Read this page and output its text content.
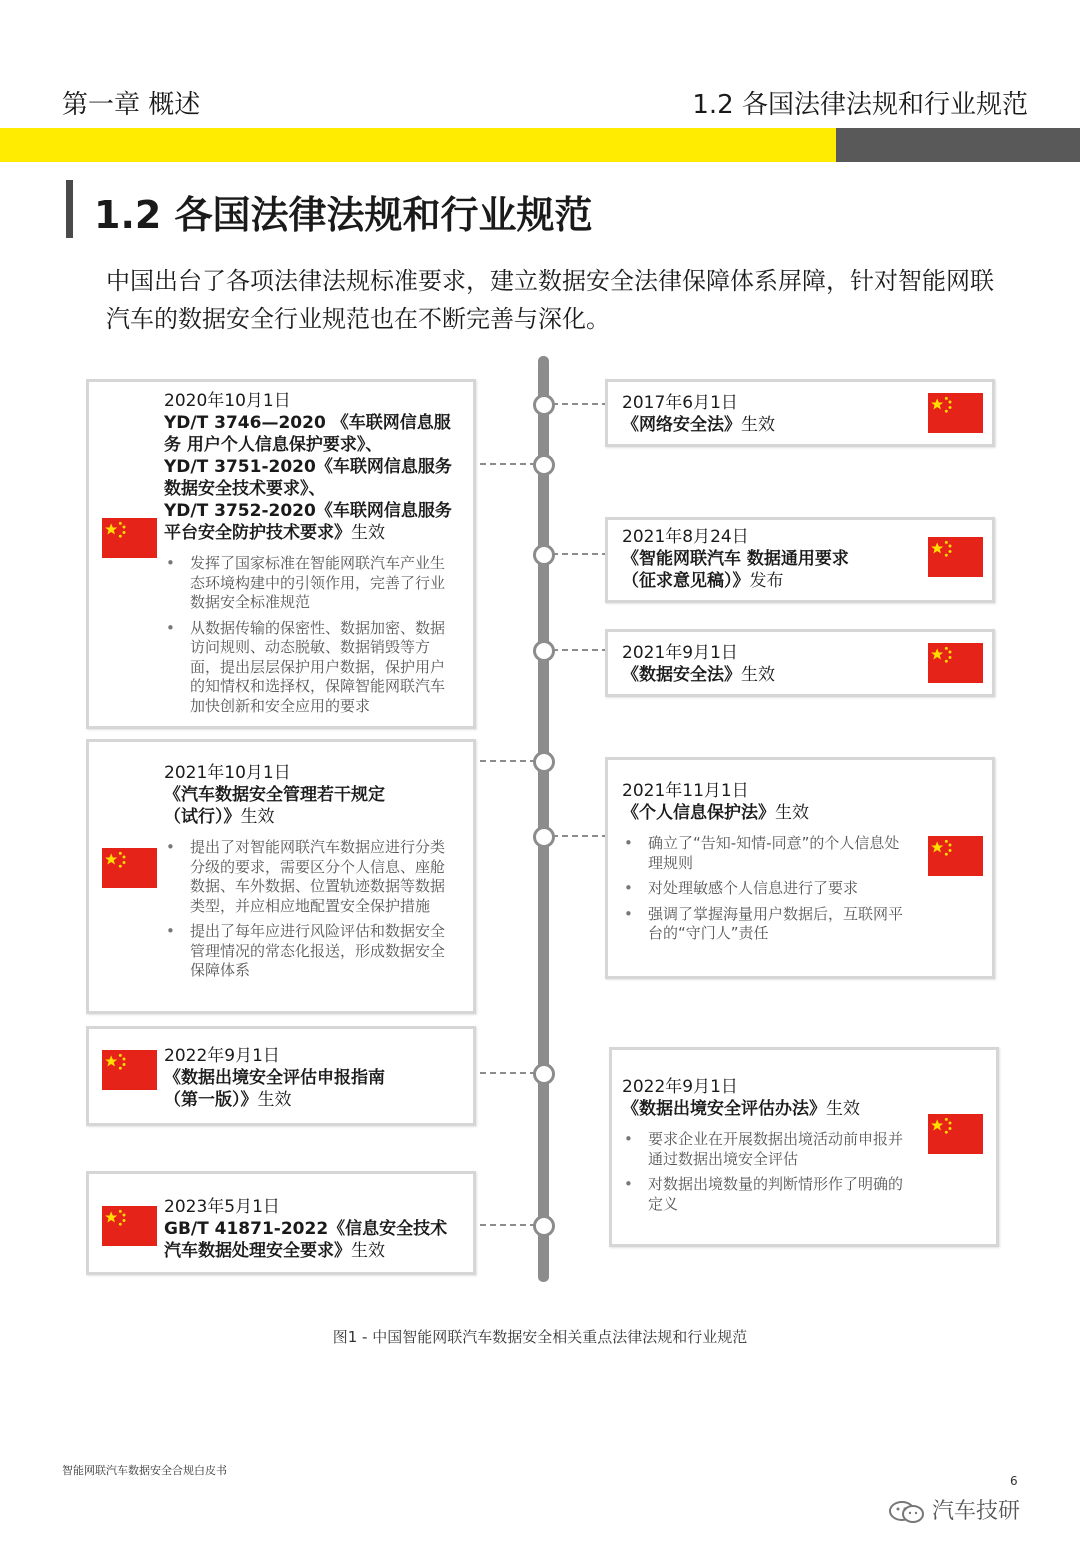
第一章 概述	1.2 各国法律法规和行业规范
1.2 各国法律法规和行业规范
中国出台了各项法律法规标准要求，建立数据安全法律保障体系屏障，针对智能网联汽车的数据安全行业规范也在不断完善与深化。
2020年10月1日
YD/T 3746—2020 《车联网信息服
务 用户个人信息保护要求》、
YD/T 3751-2020《车联网信息服务
数据安全技术要求》、
YD/T 3752-2020《车联网信息服务
平台安全防护技术要求》生效
• 发挥了国家标准在智能网联汽车产业生态环境构建中的引领作用，完善了行业数据安全标准规范
• 从数据传输的保密性、数据加密、数据访问规则、动态脱敏、数据销毁等方面，提出层层保护用户数据，保护用户的知情权和选择权，保障智能网联汽车加快创新和安全应用的要求
2021年10月1日
《汽车数据安全管理若干规定
（试行）》生效
• 提出了对智能网联汽车数据应进行分类分级的要求，需要区分个人信息、座舱数据、车外数据、位置轨迹数据等数据类型，并应相应地配置安全保护措施
• 提出了每年应进行风险评估和数据安全管理情况的常态化报送，形成数据安全保障体系
2022年9月1日
《数据出境安全评估申报指南
（第一版）》生效
2023年5月1日
GB/T 41871-2022《信息安全技术
汽车数据处理安全要求》生效
2017年6月1日
《网络安全法》生效
2021年8月24日
《智能网联汽车 数据通用要求
（征求意见稿）》发布
2021年9月1日
《数据安全法》生效
2021年11月1日
《个人信息保护法》生效
• 确立了“告知-知情-同意”的个人信息处理规则
• 对处理敏感个人信息进行了要求
• 强调了掌握海量用户数据后，互联网平台的“守门人”责任
2022年9月1日
《数据出境安全评估办法》生效
• 要求企业在开展数据出境活动前申报并通过数据出境安全评估
• 对数据出境数量的判断情形作了明确的定义
图1 - 中国智能网联汽车数据安全相关重点法律法规和行业规范
智能网联汽车数据安全合规白皮书
6
汽车技研
